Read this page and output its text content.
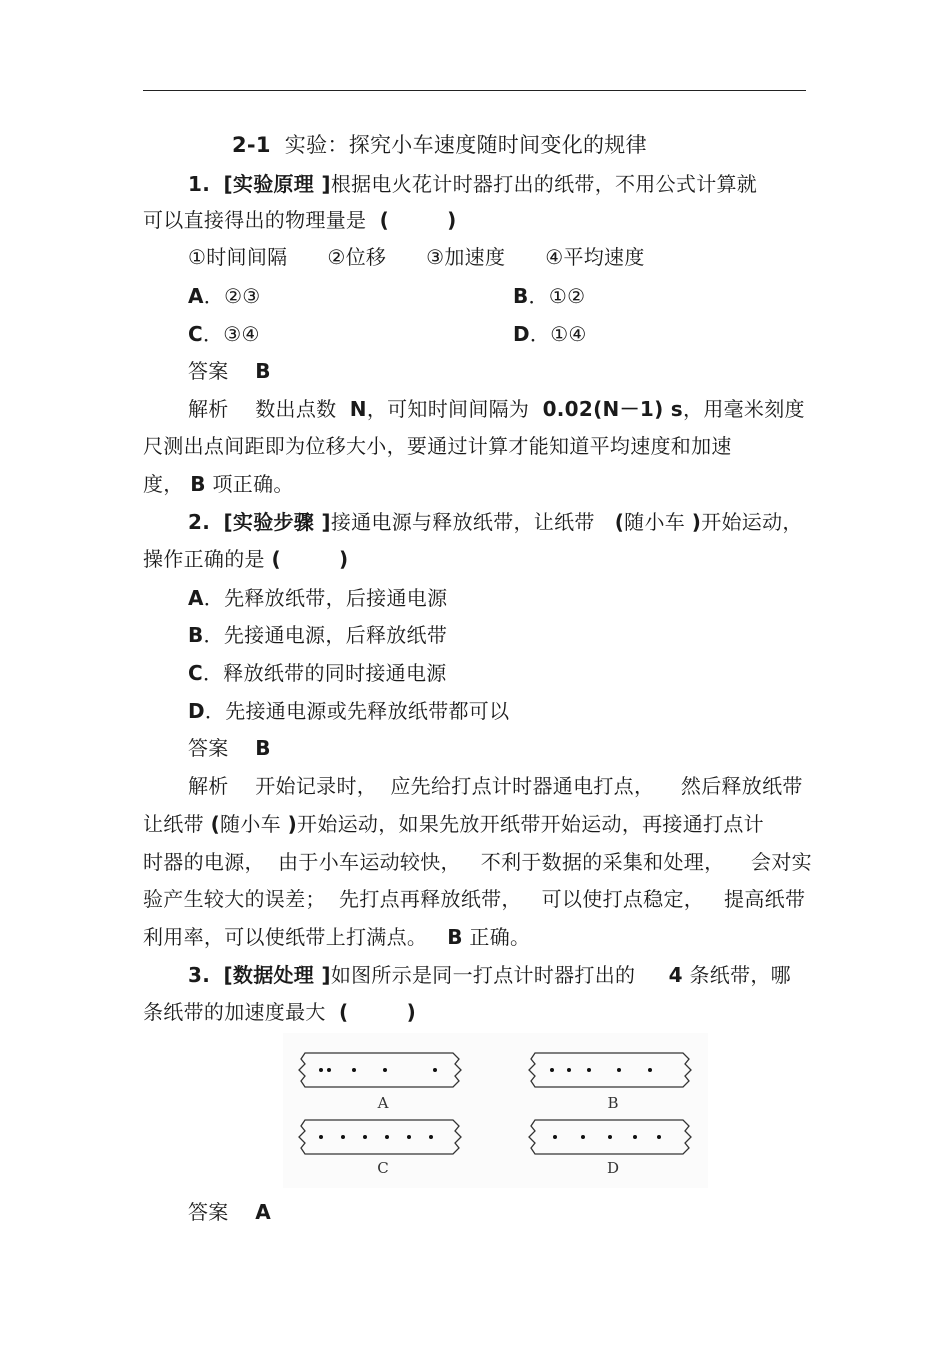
2-1 实验：探究小车速度随时间变化的规律
1. [实验原理 ]根据电火花计时器打出的纸带，不用公式计算就
可以直接得出的物理量是 (        )
①时间间隔      ②位移      ③加速度      ④平均速度
A．②③	B．①②
C．③④	D．①④
答案 B
解析 数出点数 N，可知时间间隔为 0.02(N－1) s，用毫米刻度
尺测出点间距即为位移大小，要通过计算才能知道平均速度和加速
度， B 项正确。
2. [实验步骤 ]接通电源与释放纸带，让纸带 (随小车 )开始运动，
操作正确的是 (        )
A．先释放纸带，后接通电源
B．先接通电源，后释放纸带
C．释放纸带的同时接通电源
D．先接通电源或先释放纸带都可以
答案 B
解析 开始记录时，  应先给打点计时器通电打点，    然后释放纸带
让纸带 (随小车 )开始运动，如果先放开纸带开始运动，再接通打点计
时器的电源，  由于小车运动较快，   不利于数据的采集和处理，    会对实
验产生较大的误差；  先打点再释放纸带，   可以使打点稳定，   提高纸带
利用率，可以使纸带上打满点。 B 正确。
3. [数据处理 ]如图所示是同一打点计时器打出的 4 条纸带，哪
条纸带的加速度最大 (        )
A	B
C	D
答案 A
